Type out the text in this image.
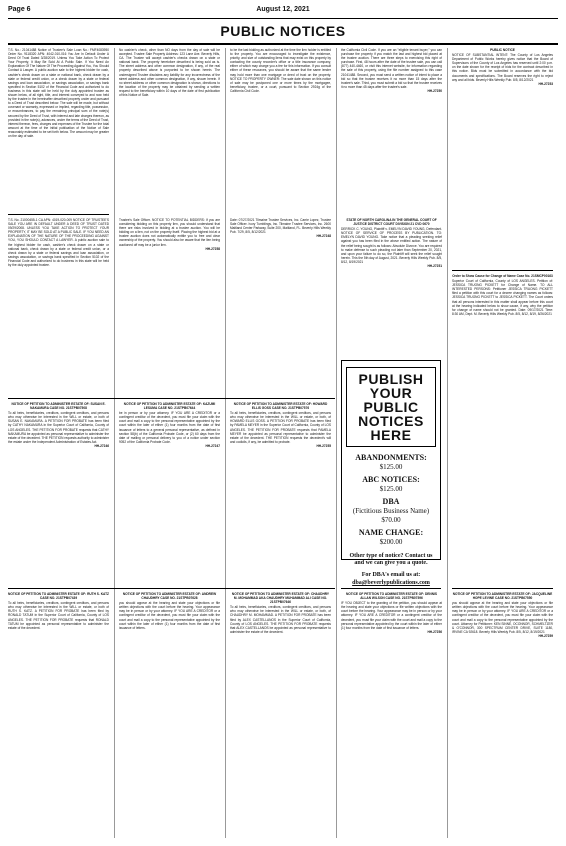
Page 6	August 12, 2021
PUBLIC NOTICES
T.S. No.: 21041488 Notice of Trustee's Sale Loan No.: FMF4083950 Order No. 9118320 APN: 4042-010-016 You Are In Default Under A Deed Of Trust Dated 3/28/2019. Unless You Take Action To Protect Your Property, It May Be Sold At A Public Sale. If You Need An Explanation Of The Nature Of The Proceeding Against You, You Should Contact A Lawyer. A public auction sale to the highest bidder for cash, cashier's check drawn on a state or national bank, check drawn by a state or federal credit union, or a check drawn by a state or federal savings and loan association, or savings association, or savings bank specified in Section 5102 of the Financial Code and authorized to do business in this state will be held by the duly appointed trustee as shown below, of all right, title, and interest conveyed to and now held by the trustee in the hereinafter described property under and pursuant to a Deed of Trust described below. The sale will be made, but without covenant or warranty, expressed or implied, regarding title, possession, or encumbrances, to pay the remaining principal sum of the note(s) secured by the Deed of Trust, with interest and late charges thereon, as provided in the note(s), advances, under the terms of the Deed of Trust, interest thereon, fees, charges and expenses of the Trustee for the total amount at the time of the initial publication of the Notice of Sale reasonably estimated to be set forth below. The amount may be greater on the day of sale.
T.S. No. 21000455-1 CA APN: 4019-020-009 NOTICE OF TRUSTEE'S SALE YOU ARE IN DEFAULT UNDER A DEED OF TRUST DATED 09/29/2008. UNLESS YOU TAKE ACTION TO PROTECT YOUR PROPERTY, IT MAY BE SOLD AT A PUBLIC SALE. IF YOU NEED AN EXPLANATION OF THE NATURE OF THE PROCEEDING AGAINST YOU, YOU SHOULD CONTACT A LAWYER. A public auction sale to the highest bidder for cash, cashier's check drawn on a state or national bank, check drawn by a state or federal credit union, or a check drawn by a state or federal savings and loan association, or savings association, or savings bank specified in Section 5102 of the Financial Code and authorized to do business in this state will be held by the duly appointed trustee.
NOTICE OF PETITION TO ADMINISTER ESTATE OF: SUSAN E. NAKAMURA CASE NO. 21STPB07508
To all heirs, beneficiaries, creditors, contingent creditors, and persons who may otherwise be interested in the WILL or estate, or both of SUSAN E. NAKAMURA. A PETITION FOR PROBATE has been filed by CATHY NAKAMURA in the Superior Court of California, County of LOS ANGELES. THE PETITION FOR PROBATE requests that CATHY NAKAMURA be appointed as personal representative to administer the estate of the decedent. THE PETITION requests authority to administer the estate under the Independent Administration of Estates Act.
HH-27246
NOTICE OF PETITION TO ADMINISTER ESTATE OF: RUTH S. KATZ CASE NO. 21STPB07439
To all heirs, beneficiaries, creditors, contingent creditors, and persons who may otherwise be interested in the WILL or estate, or both of RUTH S. KATZ. A PETITION FOR PROBATE has been filed by RONALD TATUM in the Superior Court of California, County of LOS ANGELES. THE PETITION FOR PROBATE requests that RONALD TATUM be appointed as personal representative to administer the estate of the decedent.
No cashier's check, other than NO days from the day of sale will be accepted. Trustee Sale Property Address: 123 Lane Ave. Beverly Hills, CA. The Trustee will accept cashier's checks drawn on a state or national bank. The property heretofore described is being sold as is. The street address and other common designation, if any, of the real property described above is purported to be shown herein. The undersigned Trustee disclaims any liability for any incorrectness of the street address and other common designation, if any, shown herein. If no street address or other common designation is shown, directions to the location of the property may be obtained by sending a written request to the beneficiary within 10 days of the date of first publication of this Notice of Sale.
Trustee's Sale Officer. NOTICE TO POTENTIAL BIDDERS: If you are considering bidding on this property lien, you should understand that there are risks involved in bidding at a trustee auction. You will be bidding on a lien, not on the property itself. Placing the highest bid at a trustee auction does not automatically entitle you to free and clear ownership of the property. You should also be aware that the lien being auctioned off may be a junior lien.
HH-27258
NOTICE OF PETITION TO ADMINISTER ESTATE OF: KAZUMI LESUMA CASE NO. 21STPB07644
be in person or by your attorney. IF YOU ARE A CREDITOR or a contingent creditor of the decedent, you must file your claim with the court and mail a copy to the personal representative appointed by the court within the later of either (1) four months from the date of first issuance of letters to a general personal representative, as defined in section 58(b) of the California Probate Code, or (2) 60 days from the date of mailing or personal delivery to you of a notice under section 9052 of the California Probate Code.
HH-27247
NOTICE OF PETITION TO ADMINISTER ESTATE OF: ANDREW CHAUDHRY CASE NO. 21STPB07628
you should appear at the hearing and state your objections or file written objections with the court before the hearing. Your appearance may be in person or by your attorney. IF YOU ARE A CREDITOR or a contingent creditor of the decedent, you must file your claim with the court and mail a copy to the personal representative appointed by the court within the later of either (1) four months from the date of first issuance of letters.
to be the last bidding as authorized at the time the lien holder is entitled to the property. You are encouraged to investigate the existence, priority, and size of outstanding liens that may exist on this property by contacting the county recorder's office or a title insurance company, either of which may charge you a fee for this information. If you consult either of these resources, you should be aware that the same lender may hold more than one mortgage or deed of trust on the property. NOTICE TO PROPERTY OWNER: The sale date shown on this notice of sale may be postponed one or more times by the mortgagee, beneficiary, trustee, or a court, pursuant to Section 2924g of the California Civil Code.
Date: 07/27/2021 Tilmaine Trustee Services, Inc. Carrie Lopez, Trustee Sale Officer. Ivory Tumblings, Inc. Tilmaine Trustee Services, Inc. 2600 Maitland Center Parkway, Suite 200, Maitland, FL. Beverly Hills Weekly Pub. 7/29, 8/5, 8/12/2021
HH-27248
NOTICE OF PETITION TO ADMINISTER ESTATE OF: HOWARD ELLIS GOSS CASE NO. 21STPB07576
To all heirs, beneficiaries, creditors, contingent creditors, and persons who may otherwise be interested in the WILL or estate, or both, of HOWARD ELLIS GOSS. A PETITION FOR PROBATE has been filed by PAMELA MEYER in the Superior Court of California, County of LOS ANGELES. THE PETITION FOR PROBATE requests that PAMELA MEYER be appointed as personal representative to administer the estate of the decedent. THE PETITION requests the decedent's will and codicils, if any, be admitted to probate.
HH-27255
NOTICE OF PETITION TO ADMINISTER ESTATE OF: CHAUDHRY M. MOHAMMAD AKA CHAUDHRY MUHAMMAD ALI CASE NO. 21STPB07646
To all heirs, beneficiaries, creditors, contingent creditors, and persons who may otherwise be interested in the WILL or estate, or both, of CHAUDHRY M. MOHAMMAD. A PETITION FOR PROBATE has been filed by ALEX CASTELLANOS in the Superior Court of California, County of LOS ANGELES. THE PETITION FOR PROBATE requests that ALEX CASTELLANOS be appointed as personal representative to administer the estate of the decedent.
the California Civil Code. If you are an "eligible tenant buyer," you can purchase the property if you match the last and highest bid placed at the trustee auction. There are three steps to exercising this right of purchase. First, 48 hours after the date of the trustee sale, you can call (877) 440-4460, or visit this internet website, for information regarding the sale of this property, using the file number assigned to this case 21041488. Second, you must send a written notice of intent to place a bid so that the trustee receives it no more than 15 days after the trustee's sale. Third, you must submit a bid so that the trustee receives it no more than 45 days after the trustee's sale.
HH-27250
STATE OF NORTH CAROLINA IN THE GENERAL COURT OF JUSTICE DISTRICT COURT DIVISION 21 CVD 0670
DERRICK C. YOUNG, Plaintiff v. EMELYN DAVID YOUNG, Defendant. NOTICE OF SERVICE OF PROCESS BY PUBLICATION. TO: EMELYN DAVID YOUNG. Take notice that a pleading seeking relief against you has been filed in the above entitled action. The nature of the relief being sought is as follows: Absolute Divorce. You are required to make defense to such pleading not later than September 20, 2021, and upon your failure to do so, the Plaintiff will seek the relief sought herein. This the 5th day of August, 2021. Beverly Hills Weekly Pub. 8/5, 8/12, 8/19/2021
HH-27251
PUBLISH YOUR PUBLIC NOTICES HERE
ABANDONMENTS:
$125.00
ABC NOTICES:
$125.00
DBA
(Fictitious Business Name)
$70.00
NAME CHANGE:
$200.00
Other type of notice? Contact us and we can give you a quote.
For DBA's email us at:
dba@beverlypublications.com
NOTICE OF PETITION TO ADMINISTER ESTATE OF: DENNIS ALLAN WILSON CASE NO. 21STPB07596
IF YOU OBJECT to the granting of the petition, you should appear at the hearing and state your objections or file written objections with the court before the hearing. Your appearance may be in person or by your attorney. IF YOU ARE A CREDITOR or a contingent creditor of the decedent, you must file your claim with the court and mail a copy to the personal representative appointed by the court within the later of either (1) four months from the date of first issuance of letters.
HH-27256
PUBLIC NOTICE
NOTICE OF SUBSTANTIAL INTENT: The County of Los Angeles Department of Public Works hereby gives notice that the Board of Supervisors of the County of Los Angeles has reserved until 2:00 p.m. on the date shown for the receipt of bids for the contract described in this notice. Bids must be submitted in accordance with the bid documents and specifications. The Board reserves the right to reject any and all bids. Beverly Hills Weekly Pub. 8/5, 8/12/2021
HH-27253
Order to Show Cause for Change of Name Case No. 21SMCP00163
Superior Court of California, County of LOS ANGELES. Petition of: JESSICA TRUONG PICKETT for Change of Name. TO ALL INTERESTED PERSONS: Petitioner JESSICA TRUONG PICKETT filed a petition with this court for a decree changing names as follows: JESSICA TRUONG PICKETT to JESSICA PICKETT. The Court orders that all persons interested in this matter shall appear before this court at the hearing indicated below to show cause, if any, why the petition for change of name should not be granted. Date: 09/17/2021 Time: 8:30 AM, Dept. M. Beverly Hills Weekly Pub. 8/5, 8/12, 8/19, 8/26/2021
NOTICE OF PETITION TO ADMINISTER ESTATE OF: JACQUELINE HOPE LEVINE CASE NO. 21STPB07550
you should appear at the hearing and state your objections or file written objections with the court before the hearing. Your appearance may be in person or by your attorney. IF YOU ARE A CREDITOR or a contingent creditor of the decedent, you must file your claim with the court and mail a copy to the personal representative appointed by the court. Attorney for Petitioner: KEN SINNE, OCONNOR, SCHMELTZER & O'CONNOR, 300 SPECTRUM CENTER DRIVE, SUITE 1180, IRVINE CA 92618. Beverly Hills Weekly Pub. 8/5, 8/12, 8/19/2021
HH-27259
